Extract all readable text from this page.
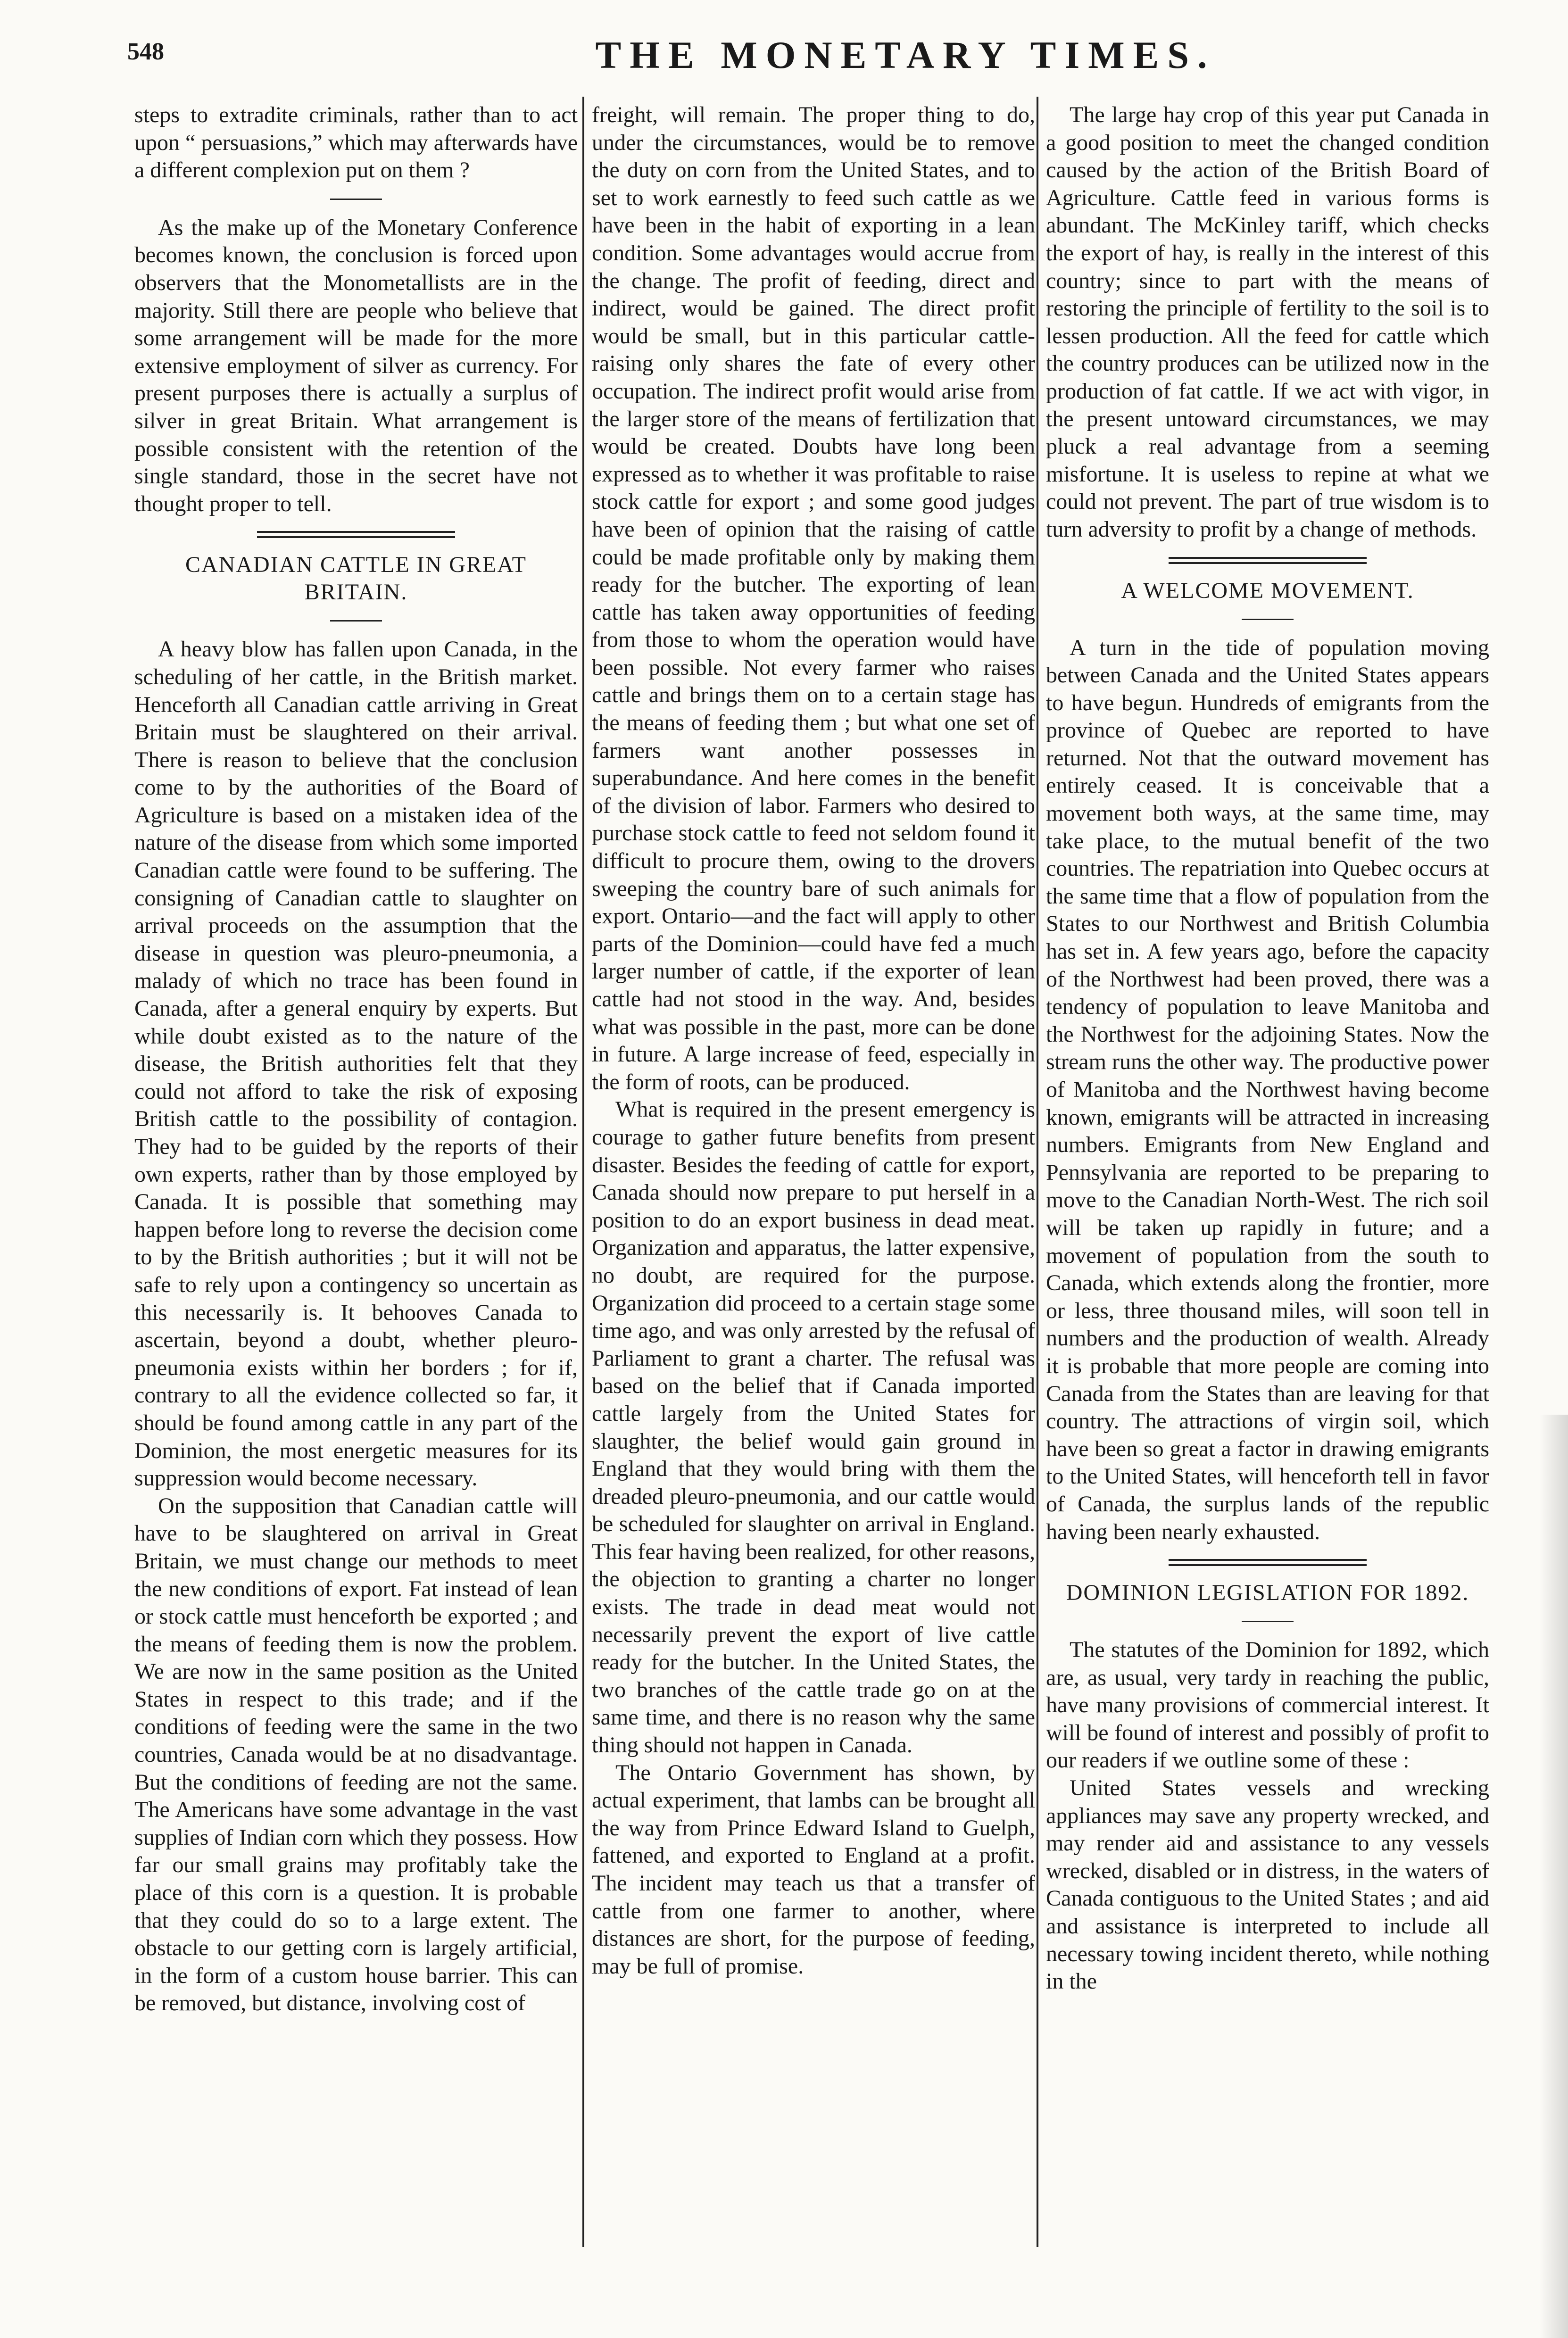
548	THE MONETARY TIMES.

steps to extradite criminals, rather than to act upon “ persuasions,” which may afterwards have a different complexion put on them ?

As the make up of the Monetary Conference becomes known, the conclusion is forced upon observers that the Monometallists are in the majority. Still there are people who believe that some arrangement will be made for the more extensive employment of silver as currency. For present purposes there is actually a surplus of silver in great Britain. What arrangement is possible consistent with the retention of the single standard, those in the secret have not thought proper to tell.

CANADIAN CATTLE IN GREAT BRITAIN.

A heavy blow has fallen upon Canada, in the scheduling of her cattle, in the British market. Henceforth all Canadian cattle arriving in Great Britain must be slaughtered on their arrival. There is reason to believe that the conclusion come to by the authorities of the Board of Agriculture is based on a mistaken idea of the nature of the disease from which some imported Canadian cattle were found to be suffering. The consigning of Canadian cattle to slaughter on arrival proceeds on the assumption that the disease in question was pleuro-pneumonia, a malady of which no trace has been found in Canada, after a general enquiry by experts. But while doubt existed as to the nature of the disease, the British authorities felt that they could not afford to take the risk of exposing British cattle to the possibility of contagion. They had to be guided by the reports of their own experts, rather than by those employed by Canada. It is possible that something may happen before long to reverse the decision come to by the British authorities ; but it will not be safe to rely upon a contingency so uncertain as this necessarily is. It behooves Canada to ascertain, beyond a doubt, whether pleuro-pneumonia exists within her borders ; for if, contrary to all the evidence collected so far, it should be found among cattle in any part of the Dominion, the most energetic measures for its suppression would become necessary.

On the supposition that Canadian cattle will have to be slaughtered on arrival in Great Britain, we must change our methods to meet the new conditions of export. Fat instead of lean or stock cattle must henceforth be exported ; and the means of feeding them is now the problem. We are now in the same position as the United States in respect to this trade; and if the conditions of feeding were the same in the two countries, Canada would be at no disadvantage. But the conditions of feeding are not the same. The Americans have some advantage in the vast supplies of Indian corn which they possess. How far our small grains may profitably take the place of this corn is a question. It is probable that they could do so to a large extent. The obstacle to our getting corn is largely artificial, in the form of a custom house barrier. This can be removed, but distance, involving cost of

freight, will remain. The proper thing to do, under the circumstances, would be to remove the duty on corn from the United States, and to set to work earnestly to feed such cattle as we have been in the habit of exporting in a lean condition. Some advantages would accrue from the change. The profit of feeding, direct and indirect, would be gained. The direct profit would be small, but in this particular cattle-raising only shares the fate of every other occupation. The indirect profit would arise from the larger store of the means of fertilization that would be created. Doubts have long been expressed as to whether it was profitable to raise stock cattle for export ; and some good judges have been of opinion that the raising of cattle could be made profitable only by making them ready for the butcher. The exporting of lean cattle has taken away opportunities of feeding from those to whom the operation would have been possible. Not every farmer who raises cattle and brings them on to a certain stage has the means of feeding them ; but what one set of farmers want another possesses in superabundance. And here comes in the benefit of the division of labor. Farmers who desired to purchase stock cattle to feed not seldom found it difficult to procure them, owing to the drovers sweeping the country bare of such animals for export. Ontario—and the fact will apply to other parts of the Dominion—could have fed a much larger number of cattle, if the exporter of lean cattle had not stood in the way. And, besides what was possible in the past, more can be done in future. A large increase of feed, especially in the form of roots, can be produced.

What is required in the present emergency is courage to gather future benefits from present disaster. Besides the feeding of cattle for export, Canada should now prepare to put herself in a position to do an export business in dead meat. Organization and apparatus, the latter expensive, no doubt, are required for the purpose. Organization did proceed to a certain stage some time ago, and was only arrested by the refusal of Parliament to grant a charter. The refusal was based on the belief that if Canada imported cattle largely from the United States for slaughter, the belief would gain ground in England that they would bring with them the dreaded pleuro-pneumonia, and our cattle would be scheduled for slaughter on arrival in England. This fear having been realized, for other reasons, the objection to granting a charter no longer exists. The trade in dead meat would not necessarily prevent the export of live cattle ready for the butcher. In the United States, the two branches of the cattle trade go on at the same time, and there is no reason why the same thing should not happen in Canada.

The Ontario Government has shown, by actual experiment, that lambs can be brought all the way from Prince Edward Island to Guelph, fattened, and exported to England at a profit. The incident may teach us that a transfer of cattle from one farmer to another, where distances are short, for the purpose of feeding, may be full of promise.

The large hay crop of this year put Canada in a good position to meet the changed condition caused by the action of the British Board of Agriculture. Cattle feed in various forms is abundant. The McKinley tariff, which checks the export of hay, is really in the interest of this country; since to part with the means of restoring the principle of fertility to the soil is to lessen production. All the feed for cattle which the country produces can be utilized now in the production of fat cattle. If we act with vigor, in the present untoward circumstances, we may pluck a real advantage from a seeming misfortune. It is useless to repine at what we could not prevent. The part of true wisdom is to turn adversity to profit by a change of methods.

A WELCOME MOVEMENT.

A turn in the tide of population moving between Canada and the United States appears to have begun. Hundreds of emigrants from the province of Quebec are reported to have returned. Not that the outward movement has entirely ceased. It is conceivable that a movement both ways, at the same time, may take place, to the mutual benefit of the two countries. The repatriation into Quebec occurs at the same time that a flow of population from the States to our Northwest and British Columbia has set in. A few years ago, before the capacity of the Northwest had been proved, there was a tendency of population to leave Manitoba and the Northwest for the adjoining States. Now the stream runs the other way. The productive power of Manitoba and the Northwest having become known, emigrants will be attracted in increasing numbers. Emigrants from New England and Pennsylvania are reported to be preparing to move to the Canadian North-West. The rich soil will be taken up rapidly in future; and a movement of population from the south to Canada, which extends along the frontier, more or less, three thousand miles, will soon tell in numbers and the production of wealth. Already it is probable that more people are coming into Canada from the States than are leaving for that country. The attractions of virgin soil, which have been so great a factor in drawing emigrants to the United States, will henceforth tell in favor of Canada, the surplus lands of the republic having been nearly exhausted.

DOMINION LEGISLATION FOR 1892.

The statutes of the Dominion for 1892, which are, as usual, very tardy in reaching the public, have many provisions of commercial interest. It will be found of interest and possibly of profit to our readers if we outline some of these :

United States vessels and wrecking appliances may save any property wrecked, and may render aid and assistance to any vessels wrecked, disabled or in distress, in the waters of Canada contiguous to the United States ; and aid and assistance is interpreted to include all necessary towing incident thereto, while nothing in the
